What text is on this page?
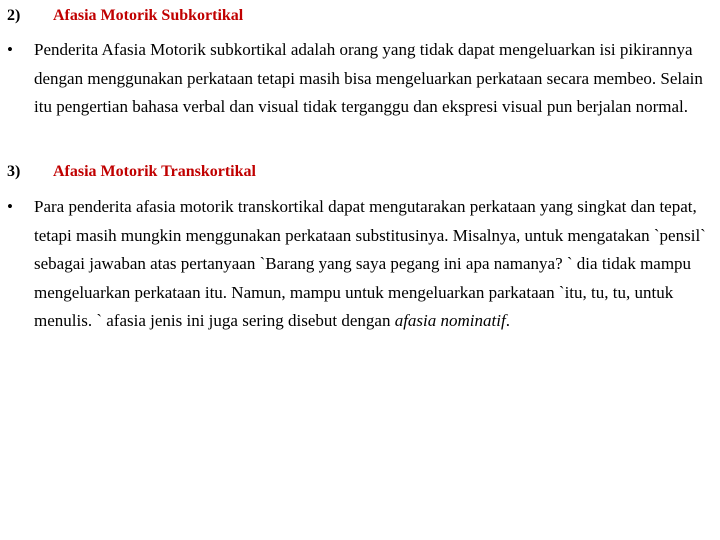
2) Afasia Motorik Subkortikal
•	Penderita Afasia Motorik subkortikal adalah orang yang tidak dapat mengeluarkan isi pikirannya dengan menggunakan perkataan tetapi masih bisa mengeluarkan perkataan secara membeo. Selain itu pengertian bahasa verbal dan visual tidak terganggu dan ekspresi visual pun berjalan normal.

3) Afasia Motorik Transkortikal
•	Para penderita afasia motorik transkortikal dapat mengutarakan perkataan yang singkat dan tepat, tetapi masih mungkin menggunakan perkataan substitusinya. Misalnya, untuk mengatakan `pensil` sebagai jawaban atas pertanyaan `Barang yang saya pegang ini apa namanya? ` dia tidak mampu mengeluarkan perkataan itu. Namun, mampu untuk mengeluarkan parkataan `itu, tu, tu, untuk menulis. ` afasia jenis ini juga sering disebut dengan afasia nominatif.
